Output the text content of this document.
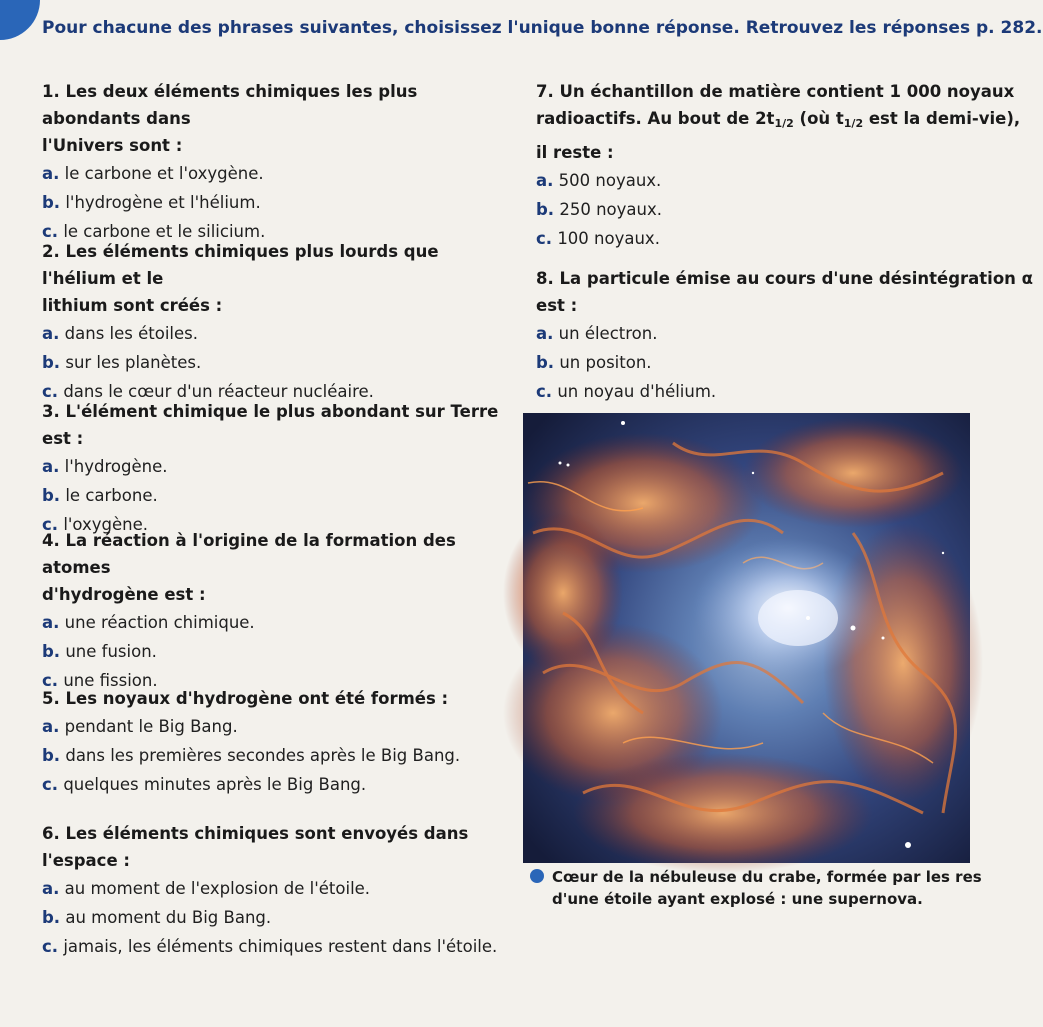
Pour chacune des phrases suivantes, choisissez l'unique bonne réponse. Retrouvez les réponses p. 282.
1. Les deux éléments chimiques les plus abondants dans
l'Univers sont :
a. le carbone et l'oxygène.
b. l'hydrogène et l'hélium.
c. le carbone et le silicium.
2. Les éléments chimiques plus lourds que l'hélium et le
lithium sont créés :
a. dans les étoiles.
b. sur les planètes.
c. dans le cœur d'un réacteur nucléaire.
3. L'élément chimique le plus abondant sur Terre est :
a. l'hydrogène.
b. le carbone.
c. l'oxygène.
4. La réaction à l'origine de la formation des atomes
d'hydrogène est :
a. une réaction chimique.
b. une fusion.
c. une fission.
5. Les noyaux d'hydrogène ont été formés :
a. pendant le Big Bang.
b. dans les premières secondes après le Big Bang.
c. quelques minutes après le Big Bang.
6. Les éléments chimiques sont envoyés dans l'espace :
a. au moment de l'explosion de l'étoile.
b. au moment du Big Bang.
c. jamais, les éléments chimiques restent dans l'étoile.
7. Un échantillon de matière contient 1 000 noyaux
radioactifs. Au bout de $2t_{1/2}$ (où $t_{1/2}$ est la demi-vie),
il reste :
a. 500 noyaux.
b. 250 noyaux.
c. 100 noyaux.
8. La particule émise au cours d'une désintégration α
est :
a. un électron.
b. un positon.
c. un noyau d'hélium.
Cœur de la nébuleuse du crabe, formée par les res
d'une étoile ayant explosé : une supernova.
